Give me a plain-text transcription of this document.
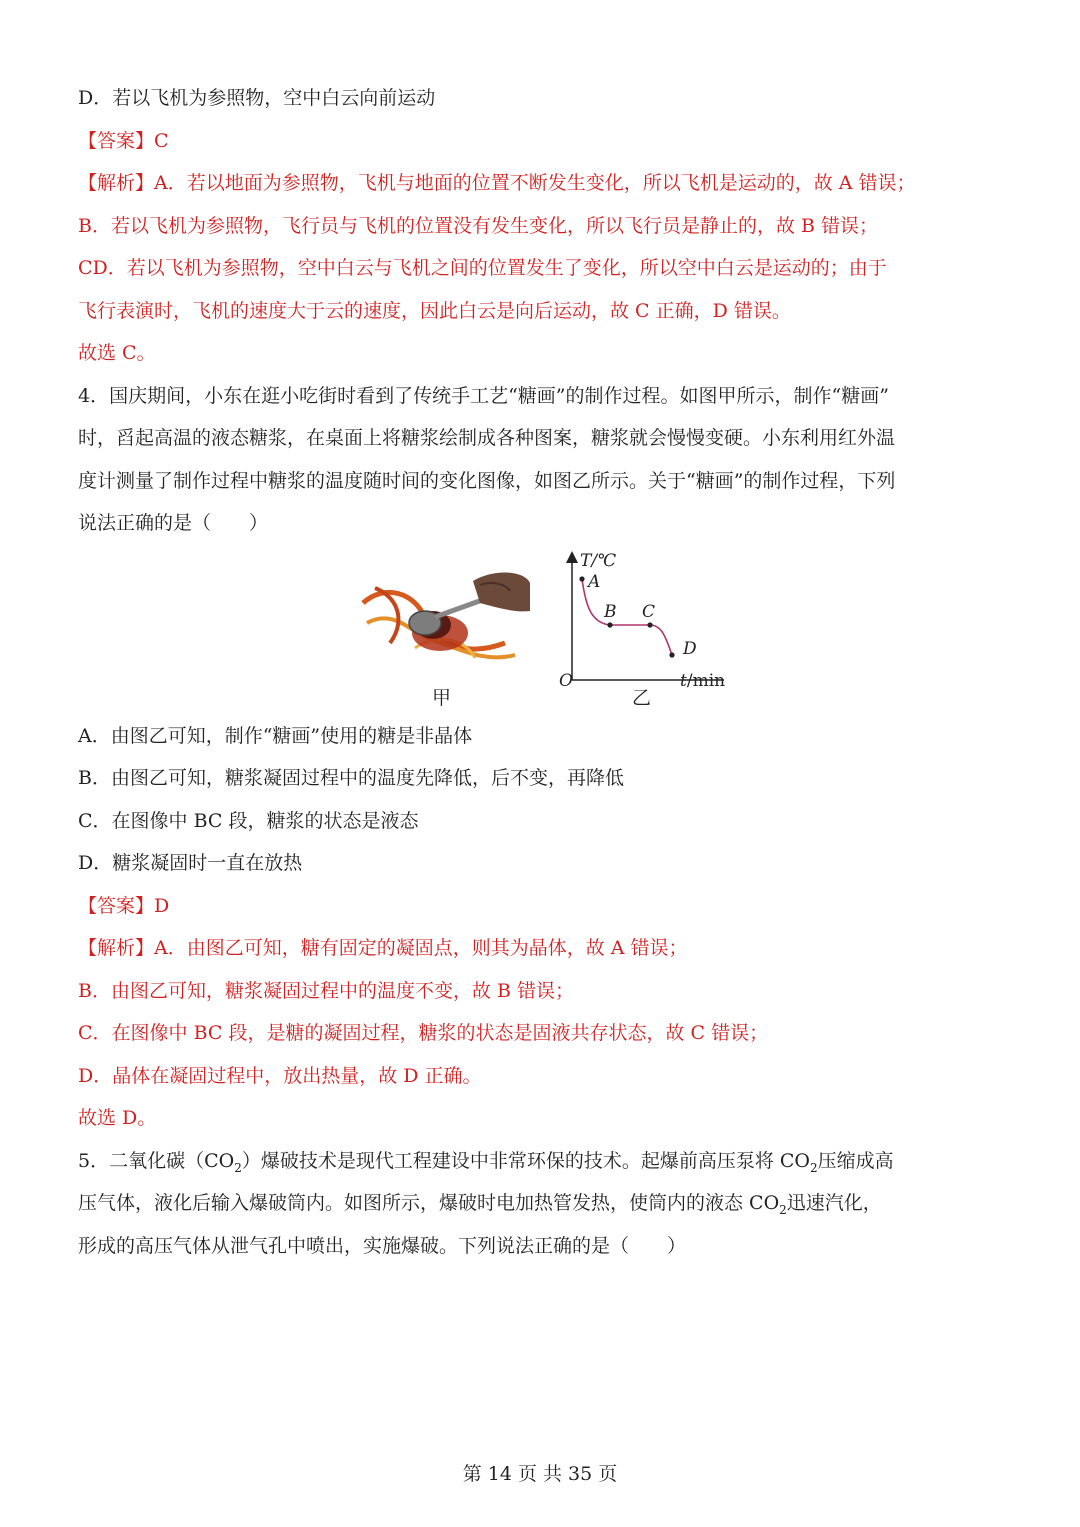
D．若以飞机为参照物，空中白云向前运动
【答案】C
【解析】A．若以地面为参照物，飞机与地面的位置不断发生变化，所以飞机是运动的，故 A 错误；
B．若以飞机为参照物，飞行员与飞机的位置没有发生变化，所以飞行员是静止的，故 B 错误；
CD．若以飞机为参照物，空中白云与飞机之间的位置发生了变化，所以空中白云是运动的；由于
飞行表演时，飞机的速度大于云的速度，因此白云是向后运动，故 C 正确，D 错误。
故选 C。
4．国庆期间，小东在逛小吃街时看到了传统手工艺“糖画”的制作过程。如图甲所示，制作“糖画”
时，舀起高温的液态糖浆，在桌面上将糖浆绘制成各种图案，糖浆就会慢慢变硬。小东利用红外温
度计测量了制作过程中糖浆的温度随时间的变化图像，如图乙所示。关于“糖画”的制作过程，下列
说法正确的是（　　）
甲
T/℃
A
B C
D
O	t/min
乙
A．由图乙可知，制作“糖画”使用的糖是非晶体
B．由图乙可知，糖浆凝固过程中的温度先降低，后不变，再降低
C．在图像中 BC 段，糖浆的状态是液态
D．糖浆凝固时一直在放热
【答案】D
【解析】A．由图乙可知，糖有固定的凝固点，则其为晶体，故 A 错误；
B．由图乙可知，糖浆凝固过程中的温度不变，故 B 错误；
C．在图像中 BC 段，是糖的凝固过程，糖浆的状态是固液共存状态，故 C 错误；
D．晶体在凝固过程中，放出热量，故 D 正确。
故选 D。
5．二氧化碳$(CO_2)$爆破技术是现代工程建设中非常环保的技术。起爆前高压泵将 $CO_2$压缩成高
压气体，液化后输入爆破筒内。如图所示，爆破时电加热管发热，使筒内的液态 $CO_2$迅速汽化，
形成的高压气体从泄气孔中喷出，实施爆破。下列说法正确的是（　　）
第 14 页 共 35 页
